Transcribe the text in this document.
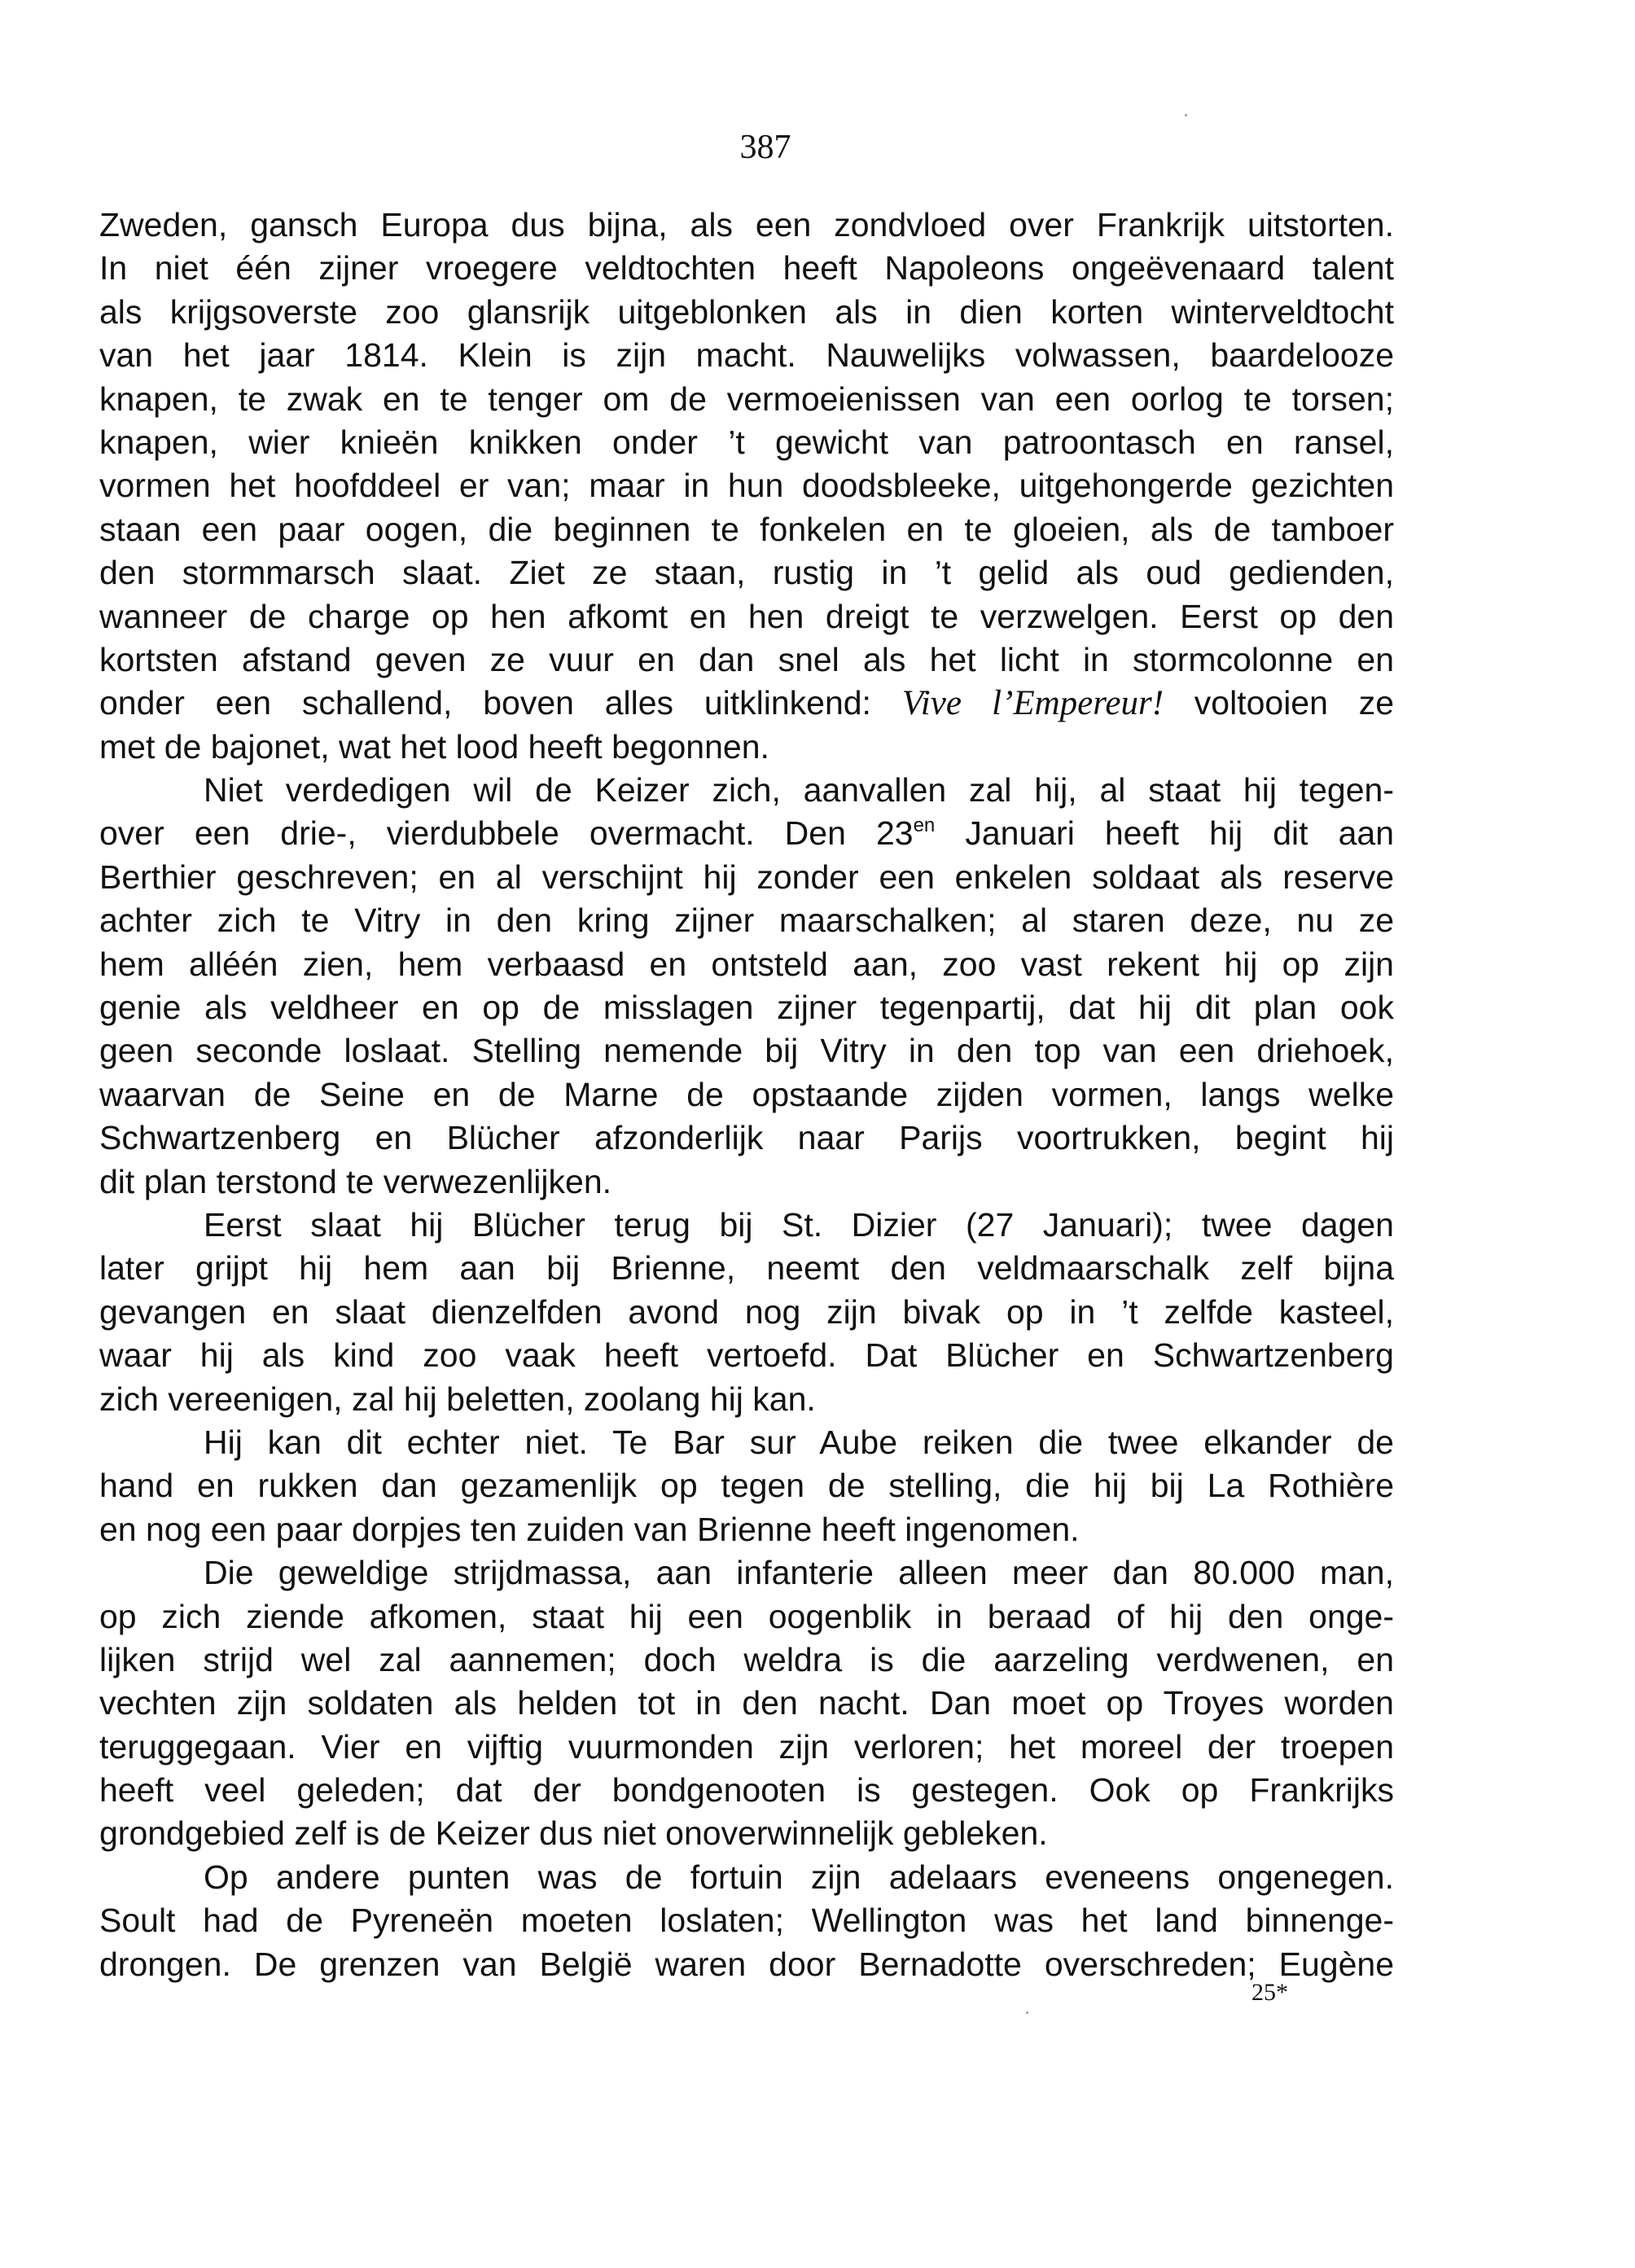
387
Zweden, gansch Europa dus bijna, als een zondvloed over Frankrijk uitstorten.
In niet één zijner vroegere veldtochten heeft Napoleons ongeëvenaard talent
als krijgsoverste zoo glansrijk uitgeblonken als in dien korten winterveldtocht
van het jaar 1814. Klein is zijn macht. Nauwelijks volwassen, baardelooze
knapen, te zwak en te tenger om de vermoeienissen van een oorlog te torsen;
knapen, wier knieën knikken onder ’t gewicht van patroontasch en ransel,
vormen het hoofddeel er van; maar in hun doodsbleeke, uitgehongerde gezichten
staan een paar oogen, die beginnen te fonkelen en te gloeien, als de tamboer
den stormmarsch slaat. Ziet ze staan, rustig in ’t gelid als oud gedienden,
wanneer de charge op hen afkomt en hen dreigt te verzwelgen. Eerst op den
kortsten afstand geven ze vuur en dan snel als het licht in stormcolonne en
onder een schallend, boven alles uitklinkend: Vive l’Empereur! voltooien ze
met de bajonet, wat het lood heeft begonnen.
Niet verdedigen wil de Keizer zich, aanvallen zal hij, al staat hij tegen-
over een drie-, vierdubbele overmacht. Den $23^{en}$ Januari heeft hij dit aan
Berthier geschreven; en al verschijnt hij zonder een enkelen soldaat als reserve
achter zich te Vitry in den kring zijner maarschalken; al staren deze, nu ze
hem alléén zien, hem verbaasd en ontsteld aan, zoo vast rekent hij op zijn
genie als veldheer en op de misslagen zijner tegenpartij, dat hij dit plan ook
geen seconde loslaat. Stelling nemende bij Vitry in den top van een driehoek,
waarvan de Seine en de Marne de opstaande zijden vormen, langs welke
Schwartzenberg en Blücher afzonderlijk naar Parijs voortrukken, begint hij
dit plan terstond te verwezenlijken.
Eerst slaat hij Blücher terug bij St. Dizier (27 Januari); twee dagen
later grijpt hij hem aan bij Brienne, neemt den veldmaarschalk zelf bijna
gevangen en slaat dienzelfden avond nog zijn bivak op in ’t zelfde kasteel,
waar hij als kind zoo vaak heeft vertoefd. Dat Blücher en Schwartzenberg
zich vereenigen, zal hij beletten, zoolang hij kan.
Hij kan dit echter niet. Te Bar sur Aube reiken die twee elkander de
hand en rukken dan gezamenlijk op tegen de stelling, die hij bij La Rothière
en nog een paar dorpjes ten zuiden van Brienne heeft ingenomen.
Die geweldige strijdmassa, aan infanterie alleen meer dan 80.000 man,
op zich ziende afkomen, staat hij een oogenblik in beraad of hij den onge-
lijken strijd wel zal aannemen; doch weldra is die aarzeling verdwenen, en
vechten zijn soldaten als helden tot in den nacht. Dan moet op Troyes worden
teruggegaan. Vier en vijftig vuurmonden zijn verloren; het moreel der troepen
heeft veel geleden; dat der bondgenooten is gestegen. Ook op Frankrijks
grondgebied zelf is de Keizer dus niet onoverwinnelijk gebleken.
Op andere punten was de fortuin zijn adelaars eveneens ongenegen.
Soult had de Pyreneën moeten loslaten; Wellington was het land binnenge-
drongen. De grenzen van België waren door Bernadotte overschreden; Eugène
25*
